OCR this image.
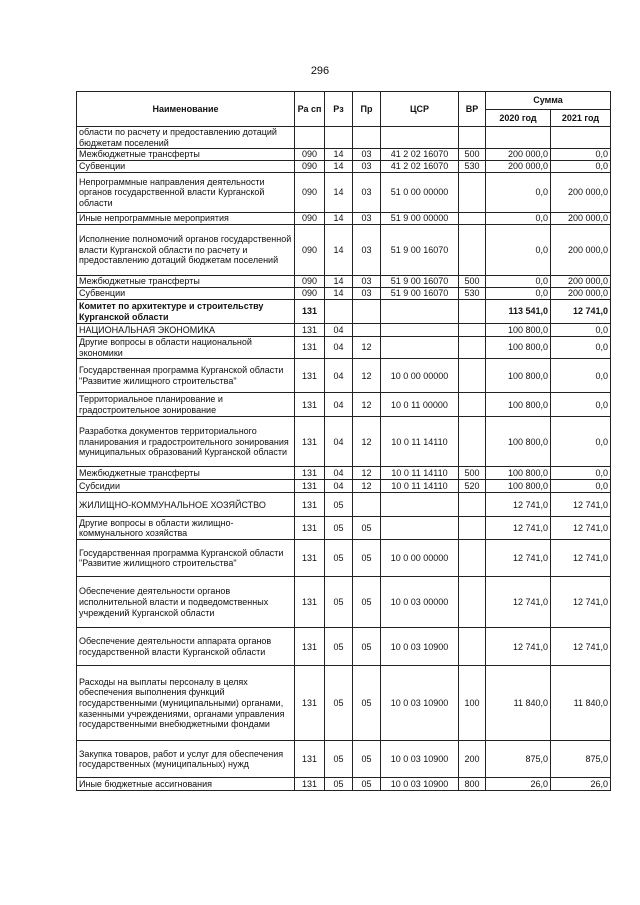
296
Наименование	Ра сп	Рз	Пр	ЦСР	ВР	Сумма	
						2020 год	2021 год
области по расчету и предоставлению дотаций бюджетам поселений							
Межбюджетные трансферты	090	14	03	41 2 02 16070	500	200 000,0	0,0
Субвенции	090	14	03	41 2 02 16070	530	200 000,0	0,0
Непрограммные направления деятельности органов государственной власти Курганской области	090	14	03	51 0 00 00000		0,0	200 000,0
Иные непрограммные мероприятия	090	14	03	51 9 00 00000		0,0	200 000,0
Исполнение полномочий органов государственной власти Курганской области по расчету и предоставлению дотаций бюджетам поселений	090	14	03	51 9 00 16070		0,0	200 000,0
Межбюджетные трансферты	090	14	03	51 9 00 16070	500	0,0	200 000,0
Субвенции	090	14	03	51 9 00 16070	530	0,0	200 000,0
Комитет по архитектуре и строительству Курганской области	131					113 541,0	12 741,0
НАЦИОНАЛЬНАЯ ЭКОНОМИКА	131	04				100 800,0	0,0
Другие вопросы в области национальной экономики	131	04	12			100 800,0	0,0
Государственная программа Курганской области "Развитие жилищного строительства"	131	04	12	10 0 00 00000		100 800,0	0,0
Территориальное планирование и градостроительное зонирование	131	04	12	10 0 11 00000		100 800,0	0,0
Разработка документов территориального планирования и градостроительного зонирования муниципальных образований Курганской области	131	04	12	10 0 11 14110		100 800,0	0,0
Межбюджетные трансферты	131	04	12	10 0 11 14110	500	100 800,0	0,0
Субсидии	131	04	12	10 0 11 14110	520	100 800,0	0,0
ЖИЛИЩНО-КОММУНАЛЬНОЕ ХОЗЯЙСТВО	131	05				12 741,0	12 741,0
Другие вопросы в области жилищно-коммунального хозяйства	131	05	05			12 741,0	12 741,0
Государственная программа Курганской области "Развитие жилищного строительства"	131	05	05	10 0 00 00000		12 741,0	12 741,0
Обеспечение деятельности органов исполнительной власти и подведомственных учреждений Курганской области	131	05	05	10 0 03 00000		12 741,0	12 741,0
Обеспечение деятельности аппарата органов государственной власти Курганской области	131	05	05	10 0 03 10900		12 741,0	12 741,0
Расходы на выплаты персоналу в целях обеспечения выполнения функций государственными (муниципальными) органами, казенными учреждениями, органами управления государственными внебюджетными фондами	131	05	05	10 0 03 10900	100	11 840,0	11 840,0
Закупка товаров, работ и услуг для обеспечения государственных (муниципальных) нужд	131	05	05	10 0 03 10900	200	875,0	875,0
Иные бюджетные ассигнования	131	05	05	10 0 03 10900	800	26,0	26,0
